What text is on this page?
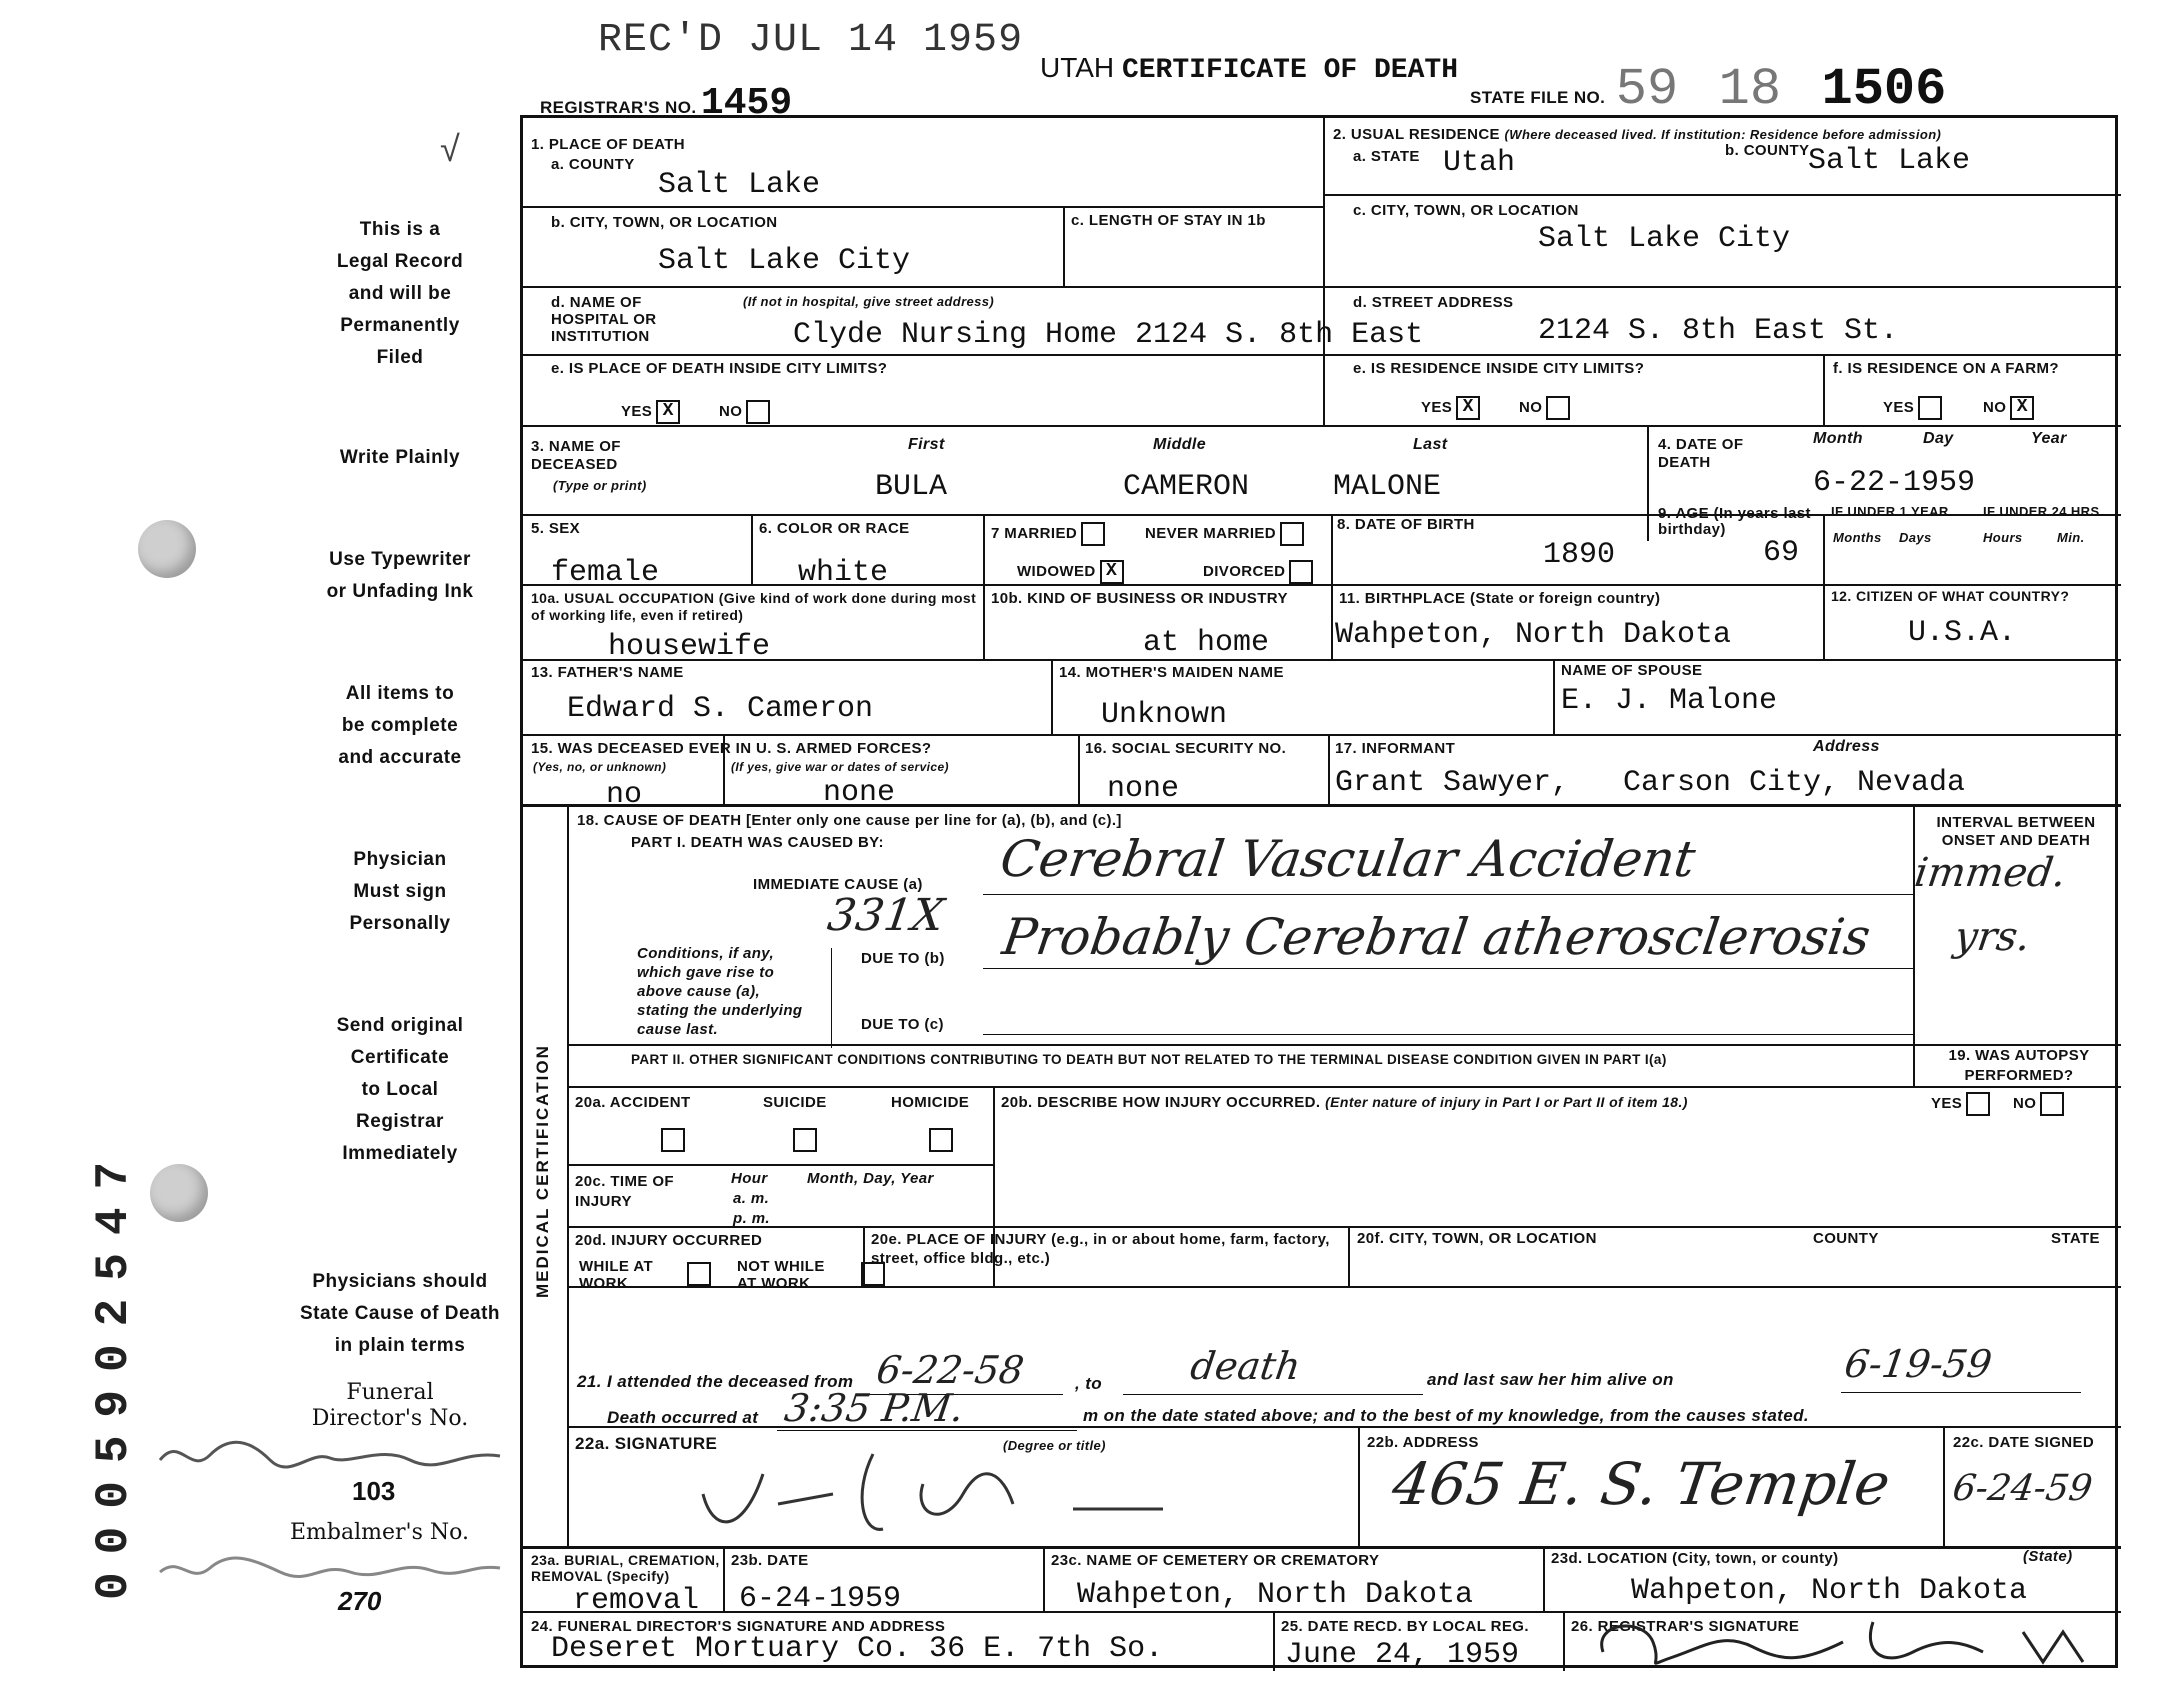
REC'D JUL 14 1959
UTAH CERTIFICATE OF DEATH
REGISTRAR'S NO. 1459	STATE FILE NO. 59 18 1506
√
This is a
Legal Record
and will be
Permanently
Filed
Write Plainly
Use Typewriter
or Unfading Ink
All items to
be complete
and accurate
Physician
Must sign
Personally
Send original
Certificate
to Local
Registrar
Immediately
Physicians should
State Cause of Death
in plain terms
Funeral
Director's No.
103
Embalmer's No.
270
0005902547
1. PLACE OF DEATH
a. COUNTY
Salt Lake
b. CITY, TOWN, OR LOCATION
Salt Lake City
c. LENGTH OF STAY IN 1b
d. NAME OF HOSPITAL OR INSTITUTION
(If not in hospital, give street address)
Clyde Nursing Home 2124 S. 8th East
e. IS PLACE OF DEATH INSIDE CITY LIMITS?
YES X	NO
2. USUAL RESIDENCE (Where deceased lived. If institution: Residence before admission)
a. STATE Utah	b. COUNTY
Salt Lake
c. CITY, TOWN, OR LOCATION
Salt Lake City
d. STREET ADDRESS
2124 S. 8th East St.
e. IS RESIDENCE INSIDE CITY LIMITS?
YES X	NO
f. IS RESIDENCE ON A FARM?
YES	NO X
3. NAME OF DECEASED
(Type or print)
First	Middle	Last
BULA	CAMERON	MALONE
4. DATE OF DEATH
Month	Day	Year
6-22-1959
5. SEX
female
6. COLOR OR RACE
white
7 MARRIED	NEVER MARRIED
WIDOWED X	DIVORCED
8. DATE OF BIRTH
1890
9. AGE (In years last birthday)
69
IF UNDER 1 YEAR
Months Days
IF UNDER 24 HRS.
Hours	Min.
10a. USUAL OCCUPATION (Give kind of work done during most of working life, even if retired)
housewife
10b. KIND OF BUSINESS OR INDUSTRY
at home
11. BIRTHPLACE (State or foreign country)
Wahpeton, North Dakota
12. CITIZEN OF WHAT COUNTRY?
U.S.A.
13. FATHER'S NAME
Edward S. Cameron
14. MOTHER'S MAIDEN NAME
Unknown
NAME OF SPOUSE
E. J. Malone
15. WAS DECEASED EVER IN U. S. ARMED FORCES?
(Yes, no, or unknown)	(If yes, give war or dates of service)
no	none
16. SOCIAL SECURITY NO.
none
17. INFORMANT	Address
Grant Sawyer, Carson City, Nevada
MEDICAL CERTIFICATION
18. CAUSE OF DEATH [Enter only one cause per line for (a), (b), and (c).]
PART I. DEATH WAS CAUSED BY:
IMMEDIATE CAUSE (a) Cerebral Vascular Accident
331X
Conditions, if any, which gave rise to above cause (a), stating the underlying cause last.
DUE TO (b) Probably Cerebral atherosclerosis
DUE TO (c)
PART II. OTHER SIGNIFICANT CONDITIONS CONTRIBUTING TO DEATH BUT NOT RELATED TO THE TERMINAL DISEASE CONDITION GIVEN IN PART I(a)
INTERVAL BETWEEN ONSET AND DEATH
immed.
yrs.
19. WAS AUTOPSY PERFORMED?
YES	NO
20a. ACCIDENT	SUICIDE	HOMICIDE 20b. DESCRIBE HOW INJURY OCCURRED. (Enter nature of injury in Part I or Part II of item 18.)
20c. TIME OF INJURY
Hour
a. m.
p. m.
Month, Day, Year
20d. INJURY OCCURRED
WHILE AT WORK
NOT WHILE AT WORK
20e. PLACE OF INJURY (e.g., in or about home, farm, factory, street, office bldg., etc.)
20f. CITY, TOWN, OR LOCATION	COUNTY	STATE
21. I attended the deceased from 6-22-58	, to death	and last saw her him alive on	6-19-59
Death occurred at 3:35 P.M.	m on the date stated above; and to the best of my knowledge, from the causes stated.
22a. SIGNATURE	(Degree or title)	22b. ADDRESS
465 E. S. Temple
22c. DATE SIGNED
6-24-59
23a. BURIAL, CREMATION, REMOVAL (Specify)
removal
23b. DATE
6-24-1959
23c. NAME OF CEMETERY OR CREMATORY
Wahpeton, North Dakota
23d. LOCATION (City, town, or county)	(State)
Wahpeton, North Dakota
24. FUNERAL DIRECTOR'S SIGNATURE AND ADDRESS
Deseret Mortuary Co. 36 E. 7th So.
25. DATE RECD. BY LOCAL REG.
June 24, 1959
26. REGISTRAR'S SIGNATURE
